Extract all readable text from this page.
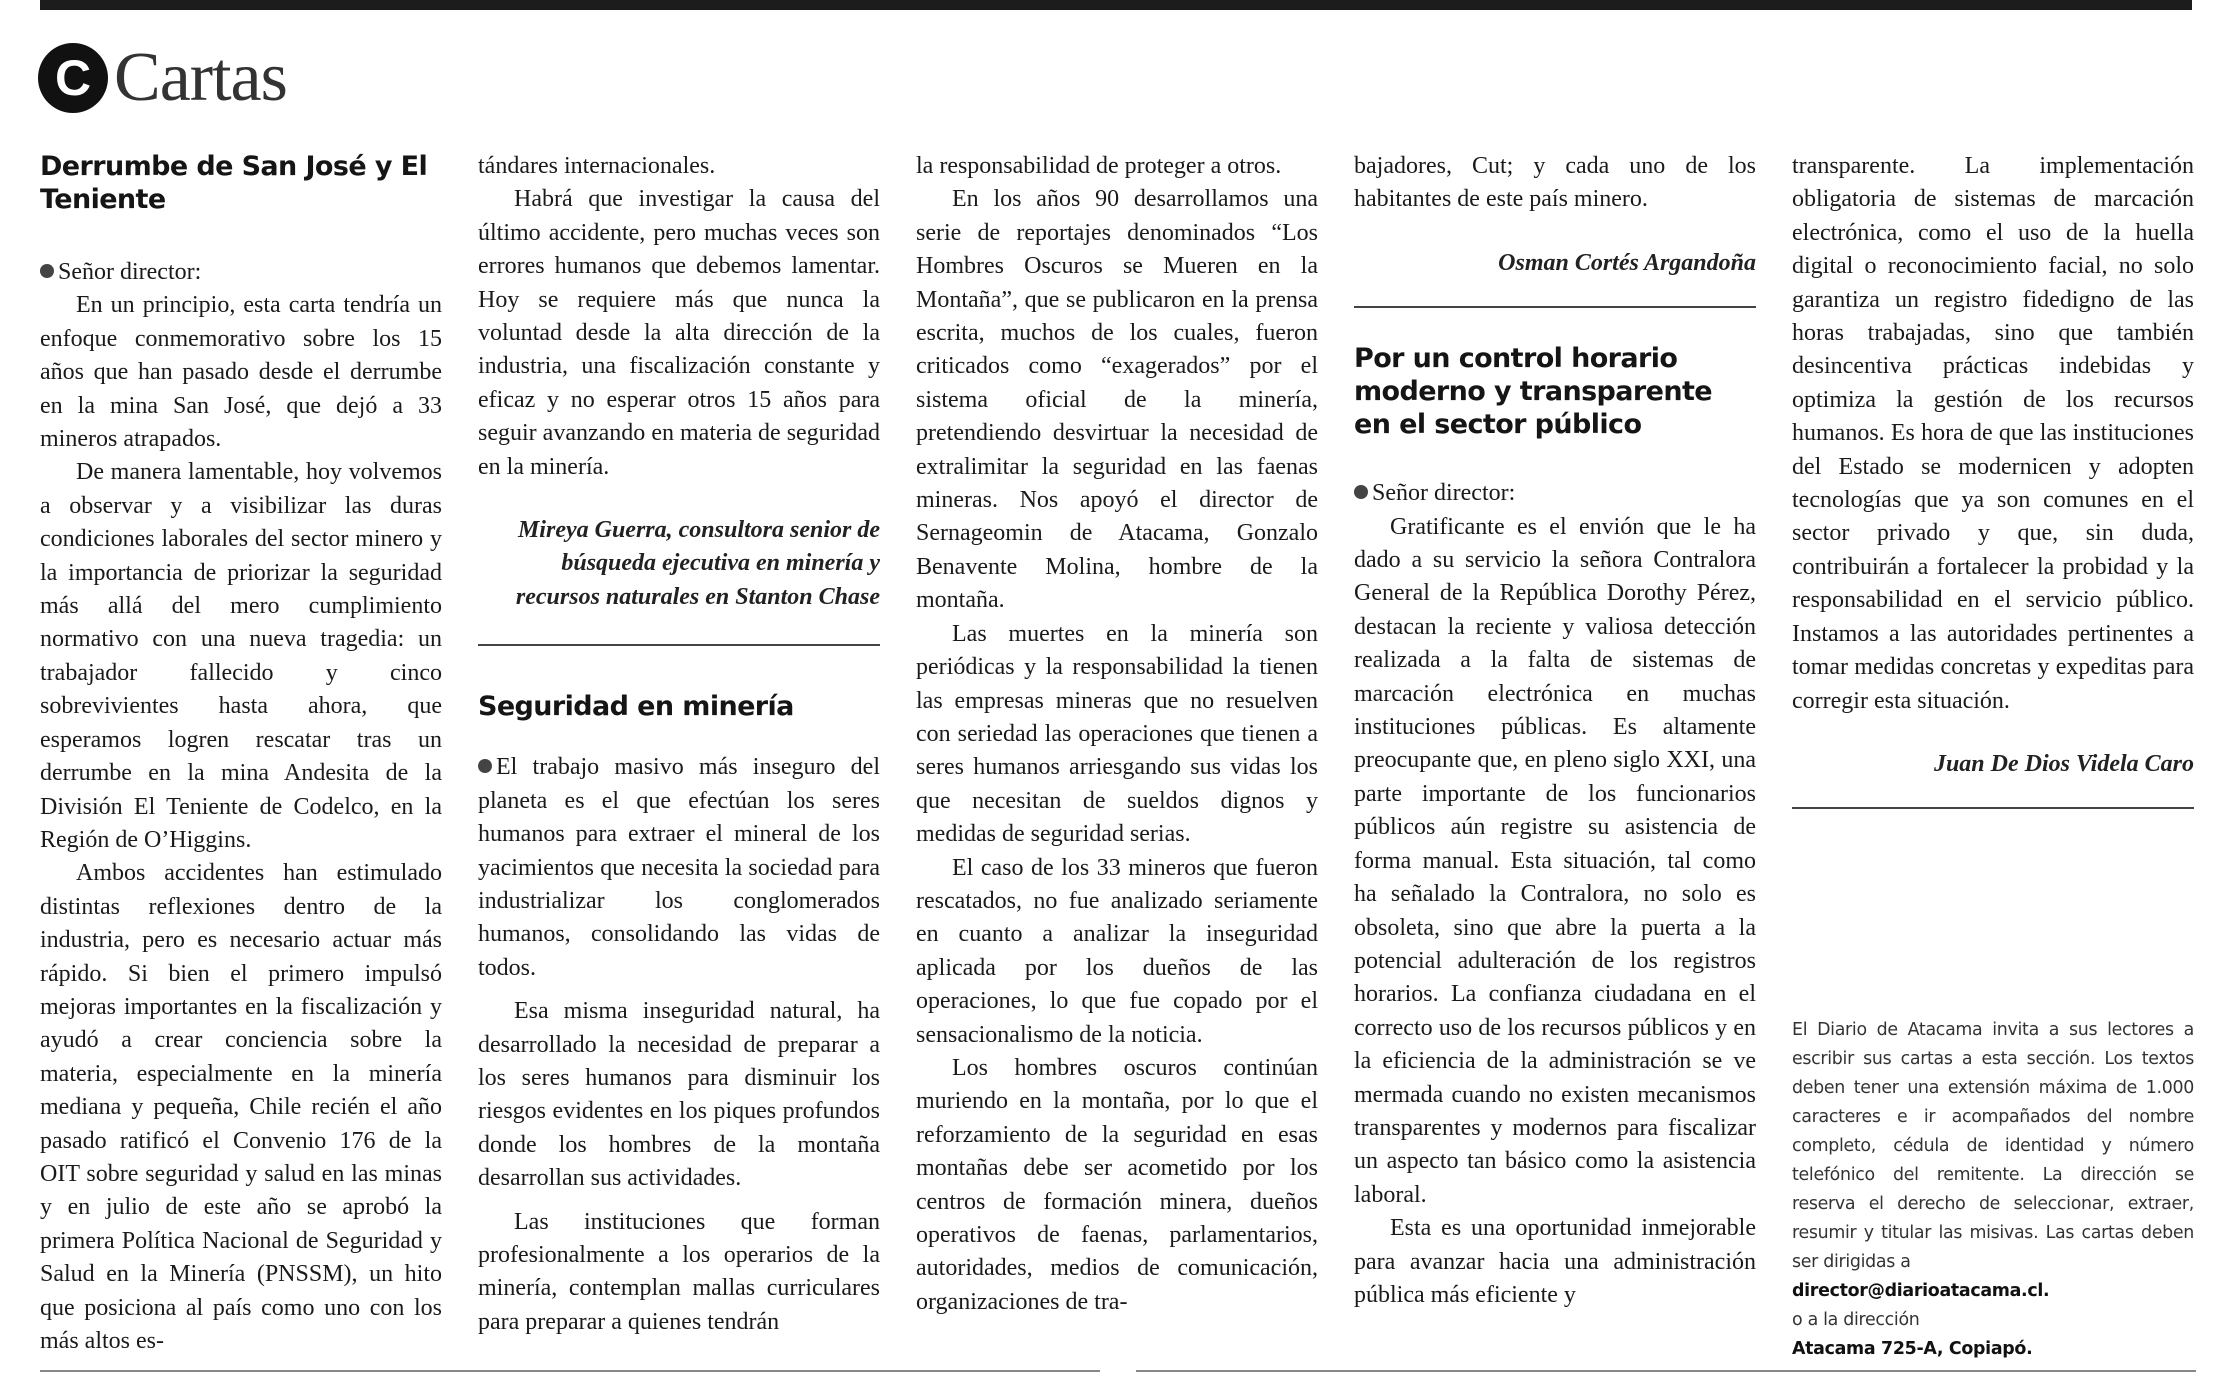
C Cartas
Derrumbe de San José y El Teniente
Señor director:

En un principio, esta carta tendría un enfoque conmemorativo sobre los 15 años que han pasado desde el derrumbe en la mina San José, que dejó a 33 mineros atrapados.

De manera lamentable, hoy volvemos a observar y a visibilizar las duras condiciones laborales del sector minero y la importancia de priorizar la seguridad más allá del mero cumplimiento normativo con una nueva tragedia: un trabajador fallecido y cinco sobrevivientes hasta ahora, que esperamos logren rescatar tras un derrumbe en la mina Andesita de la División El Teniente de Codelco, en la Región de O’Higgins.

Ambos accidentes han estimulado distintas reflexiones dentro de la industria, pero es necesario actuar más rápido. Si bien el primero impulsó mejoras importantes en la fiscalización y ayudó a crear conciencia sobre la materia, especialmente en la minería mediana y pequeña, Chile recién el año pasado ratificó el Convenio 176 de la OIT sobre seguridad y salud en las minas y en julio de este año se aprobó la primera Política Nacional de Seguridad y Salud en la Minería (PNSSM), un hito que posiciona al país como uno con los más altos es-

tándares internacionales.

Habrá que investigar la causa del último accidente, pero muchas veces son errores humanos que debemos lamentar. Hoy se requiere más que nunca la voluntad desde la alta dirección de la industria, una fiscalización constante y eficaz y no esperar otros 15 años para seguir avanzando en materia de seguridad en la minería.

Mireya Guerra, consultora senior de búsqueda ejecutiva en minería y recursos naturales en Stanton Chase
Seguridad en minería

El trabajo masivo más inseguro del planeta es el que efectúan los seres humanos para extraer el mineral de los yacimientos que necesita la sociedad para industrializar los conglomerados humanos, consolidando las vidas de todos.

Esa misma inseguridad natural, ha desarrollado la necesidad de preparar a los seres humanos para disminuir los riesgos evidentes en los piques profundos donde los hombres de la montaña desarrollan sus actividades.

Las instituciones que forman profesionalmente a los operarios de la minería, contemplan mallas curriculares para preparar a quienes tendrán

la responsabilidad de proteger a otros.

En los años 90 desarrollamos una serie de reportajes denominados “Los Hombres Oscuros se Mueren en la Montaña”, que se publicaron en la prensa escrita, muchos de los cuales, fueron criticados como “exagerados” por el sistema oficial de la minería, pretendiendo desvirtuar la necesidad de extralimitar la seguridad en las faenas mineras. Nos apoyó el director de Sernageomin de Atacama, Gonzalo Benavente Molina, hombre de la montaña.

Las muertes en la minería son periódicas y la responsabilidad la tienen las empresas mineras que no resuelven con seriedad las operaciones que tienen a seres humanos arriesgando sus vidas los que necesitan de sueldos dignos y medidas de seguridad serias.

El caso de los 33 mineros que fueron rescatados, no fue analizado seriamente en cuanto a analizar la inseguridad aplicada por los dueños de las operaciones, lo que fue copado por el sensacionalismo de la noticia.

Los hombres oscuros continúan muriendo en la montaña, por lo que el reforzamiento de la seguridad en esas montañas debe ser acometido por los centros de formación minera, dueños operativos de faenas, parlamentarios, autoridades, medios de comunicación, organizaciones de tra-

bajadores, Cut; y cada uno de los habitantes de este país minero.

Osman Cortés Argandoña
Por un control horario moderno y transparente en el sector público
Señor director:

Gratificante es el envión que le ha dado a su servicio la señora Contralora General de la República Dorothy Pérez, destacan la reciente y valiosa detección realizada a la falta de sistemas de marcación electrónica en muchas instituciones públicas. Es altamente preocupante que, en pleno siglo XXI, una parte importante de los funcionarios públicos aún registre su asistencia de forma manual. Esta situación, tal como ha señalado la Contralora, no solo es obsoleta, sino que abre la puerta a la potencial adulteración de los registros horarios. La confianza ciudadana en el correcto uso de los recursos públicos y en la eficiencia de la administración se ve mermada cuando no existen mecanismos transparentes y modernos para fiscalizar un aspecto tan básico como la asistencia laboral.

Esta es una oportunidad inmejorable para avanzar hacia una administración pública más eficiente y

transparente. La implementación obligatoria de sistemas de marcación electrónica, como el uso de la huella digital o reconocimiento facial, no solo garantiza un registro fidedigno de las horas trabajadas, sino que también desincentiva prácticas indebidas y optimiza la gestión de los recursos humanos. Es hora de que las instituciones del Estado se modernicen y adopten tecnologías que ya son comunes en el sector privado y que, sin duda, contribuirán a fortalecer la probidad y la responsabilidad en el servicio público. Instamos a las autoridades pertinentes a tomar medidas concretas y expeditas para corregir esta situación.

Juan De Dios Videla Caro
El Diario de Atacama invita a sus lectores a escribir sus cartas a esta sección. Los textos deben tener una extensión máxima de 1.000 caracteres e ir acompañados del nombre completo, cédula de identidad y número telefónico del remitente. La dirección se reserva el derecho de seleccionar, extraer, resumir y titular las misivas. Las cartas deben ser dirigidas a
director@diarioatacama.cl.
o a la dirección
Atacama 725-A, Copiapó.
